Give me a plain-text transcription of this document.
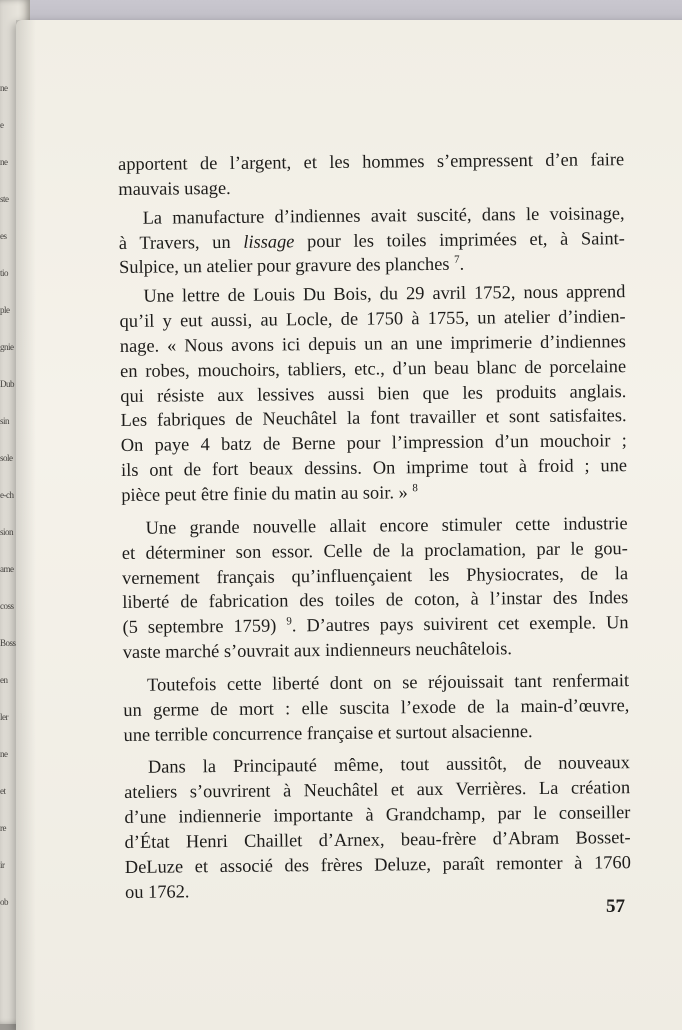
ne
e
ne
ste
es
tio
ple
gnie
Dub
sin
sole
e-ch
sion
ame
coss
Boss
en
ler
ne
et
re
ir
ob
apportent de l’argent, et les hommes s’empressent d’en faire
mauvais usage.
La manufacture d’indiennes avait suscité, dans le voisinage,
à Travers, un lissage pour les toiles imprimées et, à Saint-
Sulpice, un atelier pour gravure des planches $^7$.
Une lettre de Louis Du Bois, du 29 avril 1752, nous apprend
qu’il y eut aussi, au Locle, de 1750 à 1755, un atelier d’indien-
nage. « Nous avons ici depuis un an une imprimerie d’indiennes
en robes, mouchoirs, tabliers, etc., d’un beau blanc de porcelaine
qui résiste aux lessives aussi bien que les produits anglais.
Les fabriques de Neuchâtel la font travailler et sont satisfaites.
On paye 4 batz de Berne pour l’impression d’un mouchoir ;
ils ont de fort beaux dessins. On imprime tout à froid ; une
pièce peut être finie du matin au soir. » $^8$
Une grande nouvelle allait encore stimuler cette industrie
et déterminer son essor. Celle de la proclamation, par le gou-
vernement français qu’influençaient les Physiocrates, de la
liberté de fabrication des toiles de coton, à l’instar des Indes
(5 septembre 1759) $^9$. D’autres pays suivirent cet exemple. Un
vaste marché s’ouvrait aux indienneurs neuchâtelois.
Toutefois cette liberté dont on se réjouissait tant renfermait
un germe de mort : elle suscita l’exode de la main-d’œuvre,
une terrible concurrence française et surtout alsacienne.
Dans la Principauté même, tout aussitôt, de nouveaux
ateliers s’ouvrirent à Neuchâtel et aux Verrières. La création
d’une indiennerie importante à Grandchamp, par le conseiller
d’État Henri Chaillet d’Arnex, beau-frère d’Abram Bosset-
DeLuze et associé des frères Deluze, paraît remonter à 1760
ou 1762.
57
